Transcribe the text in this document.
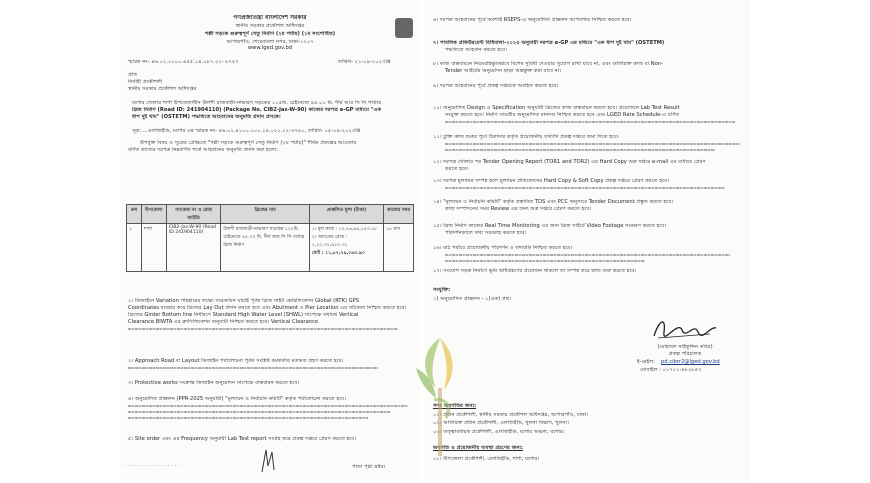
গণপ্রজাতন্ত্রী বাংলাদেশ সরকার
স্থানীয় সরকার প্রকৌশল অধিদপ্তর
পল্লী সড়কে গুরুত্বপূর্ণ সেতু নির্মাণ (২য় পর্যায়) (১ম সংশোধিত)
আগারগাঁও, শেরেবাংলা নগর, ঢাকা-১২০৭
www.lged.gov.bd
স্মারক নং- ৪৬.০২.০০০০.৬৫৫.১৪.০৮৭.২২- ৮৭৫৭	তারিখ- ২১-০৯-২০২৩খ্রি
প্রতি
নির্বাহী প্রকৌশলী
স্থানীয় সরকার প্রকৌশল অধিদপ্তর
যশোর জেলার শার্শা উপজেলাধীন উলশী রাজবাড়ী-নাভারণ সড়কের ১০৫মি. চেইনেজে ৪৫.০০ মি. দীর্ঘ আর সি সি গার্ডার
ব্রিজ নির্মাণ (Road ID: 241904110) (Package No. CIB2-Jas-W-90) কাজের দরপত্র e-GP মাধ্যমে "এক
ধাপ দুই খাম" (OSTETM) পদ্ধতিতে আহবানের অনুমতি প্রদান প্রসঙ্গে।
সূত্র: ...এলজিইডি, যশোর এর স্মারক নং- ৪৬.০২.৪১০০.০০০.১৪.০২১.২২-৩৭৪০, তারিখ- ০৫-০৯-২০২৩খ্রি
উপর্যুক্ত বিষয় ও সূত্রের প্রেক্ষিতে "পল্লী সড়কে গুরুত্বপূর্ণ সেতু নির্মাণ (২য় পর্যায়)" শীর্ষক প্রকল্পের আওতায়
বর্ণিত কাজের দরপত্র নিম্নবর্ণিত শর্তে আহবানের অনুমতি প্রদান করা হলো:
ক্রম	উপজেলা	প্যাকেজ নং ও রোড আইডি	ব্রিজের নাম	প্রাক্কলিত মূল্য (টাকা)	কাজের সময়
১	শার্শা	CIB2-Jas-W-90 (Road ID 241904110)	উলশী রাজবাড়ী-নাভারণ সড়কের ১০৫মি. চেইনেজে ৪৫.০০ মি. দীর্ঘ আর সি সি গার্ডার ব্রিজ নির্মাণ	১। মূল কাজ : ১০,৭৬,৯৬,১৫৩.৫৮
২। অ্যাপ্রোচ রোড : ১,১০,৩২,৯১০.৩২
মোট : ১১,৮৭,২৯,০৬৩.৯০	১৮ মাস
১। ডিজাইনে Variation পরিহারের লক্ষ্যে সরেজমিন যাচাই পূর্বক ব্রিজ সাইট ভেরিফিকেশন Global (RTK) GPS
Coordinates ব্যবহার করে ব্রিজের Lay Out প্রদান করতে হবে এবং Abutment ও Pier Location এর সঠিকতা নিশ্চিত করতে হবে।
ব্রিজের Girder Bottom line নির্ধারণে Standard High Water Level (SHWL) সাপেক্ষে যথাযথ Vertical
Clearance BIWTA এর ক্লাসিফিকেশন অনুযায়ী নিশ্চিত করতে হবে। Vertical Clearance
২। Approach Road বা Layout ডিজাইন পর্যালোচনা পূর্বক সংশ্লিষ্ট কর্মকর্তার মতামত গ্রহণ করতে হবে।
৩। Protective works সংক্রান্ত ডিজাইন অনুমোদন সাপেক্ষে বাস্তবায়ন করতে হবে।
৪। অনুমোদিত প্রাক্কলন (PPR-2025 অনুযায়ী) "মূল্যায়ন ও নির্বাচনি কমিটি" কর্তৃক পর্যালোচনা করতে হবে।
৫। Site order এবং এর Frequency অনুযায়ী Lab Test report সংগ্রহ করে প্রকল্প দপ্তরে প্রেরণ করতে হবে।
পাতা পৃষ্ঠা দ্রষ্টব্য
· · · · · · · · · · · · · · · · ·
৬। দরপত্র আহবানের পূর্বে অবশ্যই RSEPS-এ অনুমোদিত প্রাক্কলন আপলোড নিশ্চিত করতে হবে।
৭। পাবলিক প্রকিউরমেন্ট বিধিমালা-২০২৫ অনুযায়ী দরপত্র e-GP এর মাধ্যমে "এক ধাপ দুই খাম" (OSTETM)
পদ্ধতিতে আহবান করতে হবে।
৮। কাজ বাস্তবায়নে নিয়মবহির্ভূতভাবে বিশেষ সুবিধা দেওয়ার সুযোগ রাখা যাবে না, এবং অতিরিক্ত কাজ বা Non-
Tender আইটেম অনুমোদন ছাড়া অন্তর্ভুক্ত করা যাবে না।
৯। দরপত্র আহবানের পূর্বে প্রকল্প দপ্তরকে অবহিত করতে হবে।
১০। অনুমোদিত Design ও Specification অনুযায়ী ব্রিজের কাজ বাস্তবায়ন করতে হবে। প্রয়োজনে Lab Test Result
সংযুক্ত করতে হবে। নির্মাণ সামগ্রীর অনুমোদিত মানদণ্ড নিশ্চিত করতে হবে এবং LGED Rate Schedule-এ বর্ণিত
১১। চুক্তি কাজ শুরুর পূর্বে ঠিকাদার কর্তৃক প্রয়োজনীয় তথ্যাদি প্রকল্প দপ্তরে জমা দিতে হবে।
১২। দরপত্র খোলার পর Tender Opening Report (TOR1 and TOR2) এর Hard Copy অত্র দপ্তরে e-mail এর মাধ্যমে প্রেরণ
করতে হবে।
১৩। দরপত্র মূল্যায়ন সম্পন্ন হলে মূল্যায়ন প্রতিবেদনের Hard Copy & Soft Copy প্রকল্প দপ্তরে প্রেরণ করতে হবে।
১৪। "মূল্যায়ন ও নির্বাচনি কমিটি" কর্তৃক প্রস্তাবিত TDS এবং PCC অনুসারে Tender Document প্রস্তুত করতে হবে।
কাজ সম্পাদনের সময় Review এর জন্য অত্র দপ্তরে প্রেরণ করতে হবে।
১৫। ব্রিজ নির্মাণ কাজের Real Time Monitoring এর জন্য ব্রিজ সাইটে Video Footage সংরক্ষণ করতে হবে।
পরিদর্শনকালে তথ্য সরবরাহ করতে হবে।
১৬। মাঠ পর্যায়ে প্রয়োজনীয় পরিদর্শন ও তদারকি নিশ্চিত করতে হবে।
১৭। সংযোগ সড়ক নির্মাণে ভূমি অধিগ্রহণের প্রয়োজন থাকলে তা সম্পন্ন করে কাজ শুরু করতে হবে।
সংযুক্তি:
১) অনুমোদিত প্রাক্কলন - ১(এক) প্রস্থ।
(মোহাম্মদ সাইফুদ্দিন কবির)
প্রকল্প পরিচালক
ই-মেইল: pd.cibrr2@lged.gov.bd
মোবাইল : ০১৭১১-৪৮২৮৫৩
সদয় অবগতির জন্য:
০১। প্রধান প্রকৌশলী, স্থানীয় সরকার প্রকৌশল অধিদপ্তর, আগারগাঁও, ঢাকা।
০২। অতিরিক্ত প্রধান প্রকৌশলী, এলজিইডি, খুলনা বিভাগ, খুলনা।
০৩। তত্ত্বাবধায়ক প্রকৌশলী, এলজিইডি, যশোর অঞ্চল, যশোর।
অবগতি ও প্রয়োজনীয় ব্যবস্থা গ্রহণের জন্য:
০১। উপজেলা প্রকৌশলী, এলজিইডি, শার্শা, যশোর।
